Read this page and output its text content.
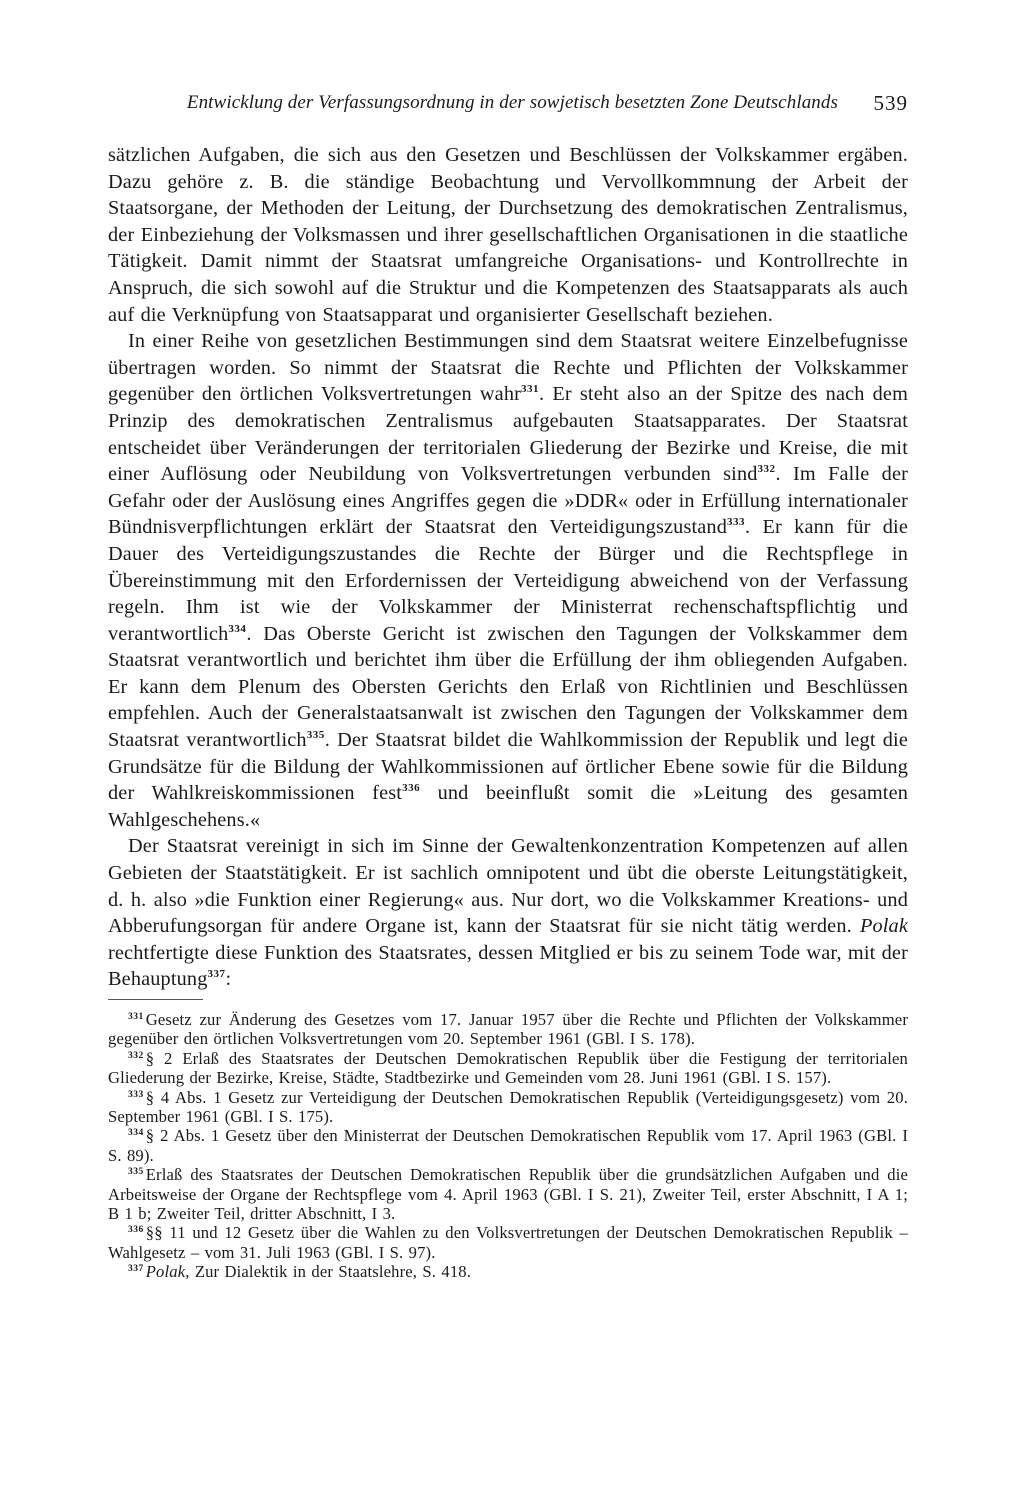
Entwicklung der Verfassungsordnung in der sowjetisch besetzten Zone Deutschlands 539

sätzlichen Aufgaben, die sich aus den Gesetzen und Beschlüssen der Volkskammer ergäben. Dazu gehöre z. B. die ständige Beobachtung und Vervollkommnung der Arbeit der Staatsorgane, der Methoden der Leitung, der Durchsetzung des demokratischen Zentralismus, der Einbeziehung der Volksmassen und ihrer gesellschaftlichen Organisationen in die staatliche Tätigkeit. Damit nimmt der Staatsrat umfangreiche Organisations- und Kontrollrechte in Anspruch, die sich sowohl auf die Struktur und die Kompetenzen des Staatsapparats als auch auf die Verknüpfung von Staatsapparat und organisierter Gesellschaft beziehen.

In einer Reihe von gesetzlichen Bestimmungen sind dem Staatsrat weitere Einzelbefugnisse übertragen worden. So nimmt der Staatsrat die Rechte und Pflichten der Volkskammer gegenüber den örtlichen Volksvertretungen wahr$^{331}$. Er steht also an der Spitze des nach dem Prinzip des demokratischen Zentralismus aufgebauten Staatsapparates. Der Staatsrat entscheidet über Veränderungen der territorialen Gliederung der Bezirke und Kreise, die mit einer Auflösung oder Neubildung von Volksvertretungen verbunden sind$^{332}$. Im Falle der Gefahr oder der Auslösung eines Angriffes gegen die »DDR« oder in Erfüllung internationaler Bündnisverpflichtungen erklärt der Staatsrat den Verteidigungszustand$^{333}$. Er kann für die Dauer des Verteidigungszustandes die Rechte der Bürger und die Rechtspflege in Übereinstimmung mit den Erfordernissen der Verteidigung abweichend von der Verfassung regeln. Ihm ist wie der Volkskammer der Ministerrat rechenschaftspflichtig und verantwortlich$^{334}$. Das Oberste Gericht ist zwischen den Tagungen der Volkskammer dem Staatsrat verantwortlich und berichtet ihm über die Erfüllung der ihm obliegenden Aufgaben. Er kann dem Plenum des Obersten Gerichts den Erlaß von Richtlinien und Beschlüssen empfehlen. Auch der Generalstaatsanwalt ist zwischen den Tagungen der Volkskammer dem Staatsrat verantwortlich$^{335}$. Der Staatsrat bildet die Wahlkommission der Republik und legt die Grundsätze für die Bildung der Wahlkommissionen auf örtlicher Ebene sowie für die Bildung der Wahlkreiskommissionen fest$^{336}$ und beeinflußt somit die »Leitung des gesamten Wahlgeschehens.«

Der Staatsrat vereinigt in sich im Sinne der Gewaltenkonzentration Kompetenzen auf allen Gebieten der Staatstätigkeit. Er ist sachlich omnipotent und übt die oberste Leitungstätigkeit, d. h. also »die Funktion einer Regierung« aus. Nur dort, wo die Volkskammer Kreations- und Abberufungsorgan für andere Organe ist, kann der Staatsrat für sie nicht tätig werden. Polak rechtfertigte diese Funktion des Staatsrates, dessen Mitglied er bis zu seinem Tode war, mit der Behauptung$^{337}$:

$^{331}$ Gesetz zur Änderung des Gesetzes vom 17. Januar 1957 über die Rechte und Pflichten der Volkskammer gegenüber den örtlichen Volksvertretungen vom 20. September 1961 (GBl. I S. 178).

$^{332}$ § 2 Erlaß des Staatsrates der Deutschen Demokratischen Republik über die Festigung der territorialen Gliederung der Bezirke, Kreise, Städte, Stadtbezirke und Gemeinden vom 28. Juni 1961 (GBl. I S. 157).

$^{333}$ § 4 Abs. 1 Gesetz zur Verteidigung der Deutschen Demokratischen Republik (Verteidigungsgesetz) vom 20. September 1961 (GBl. I S. 175).

$^{334}$ § 2 Abs. 1 Gesetz über den Ministerrat der Deutschen Demokratischen Republik vom 17. April 1963 (GBl. I S. 89).

$^{335}$ Erlaß des Staatsrates der Deutschen Demokratischen Republik über die grundsätzlichen Aufgaben und die Arbeitsweise der Organe der Rechtspflege vom 4. April 1963 (GBl. I S. 21), Zweiter Teil, erster Abschnitt, I A 1; B 1 b; Zweiter Teil, dritter Abschnitt, I 3.

$^{336}$ §§ 11 und 12 Gesetz über die Wahlen zu den Volksvertretungen der Deutschen Demokratischen Republik – Wahlgesetz – vom 31. Juli 1963 (GBl. I S. 97).

$^{337}$ Polak, Zur Dialektik in der Staatslehre, S. 418.
